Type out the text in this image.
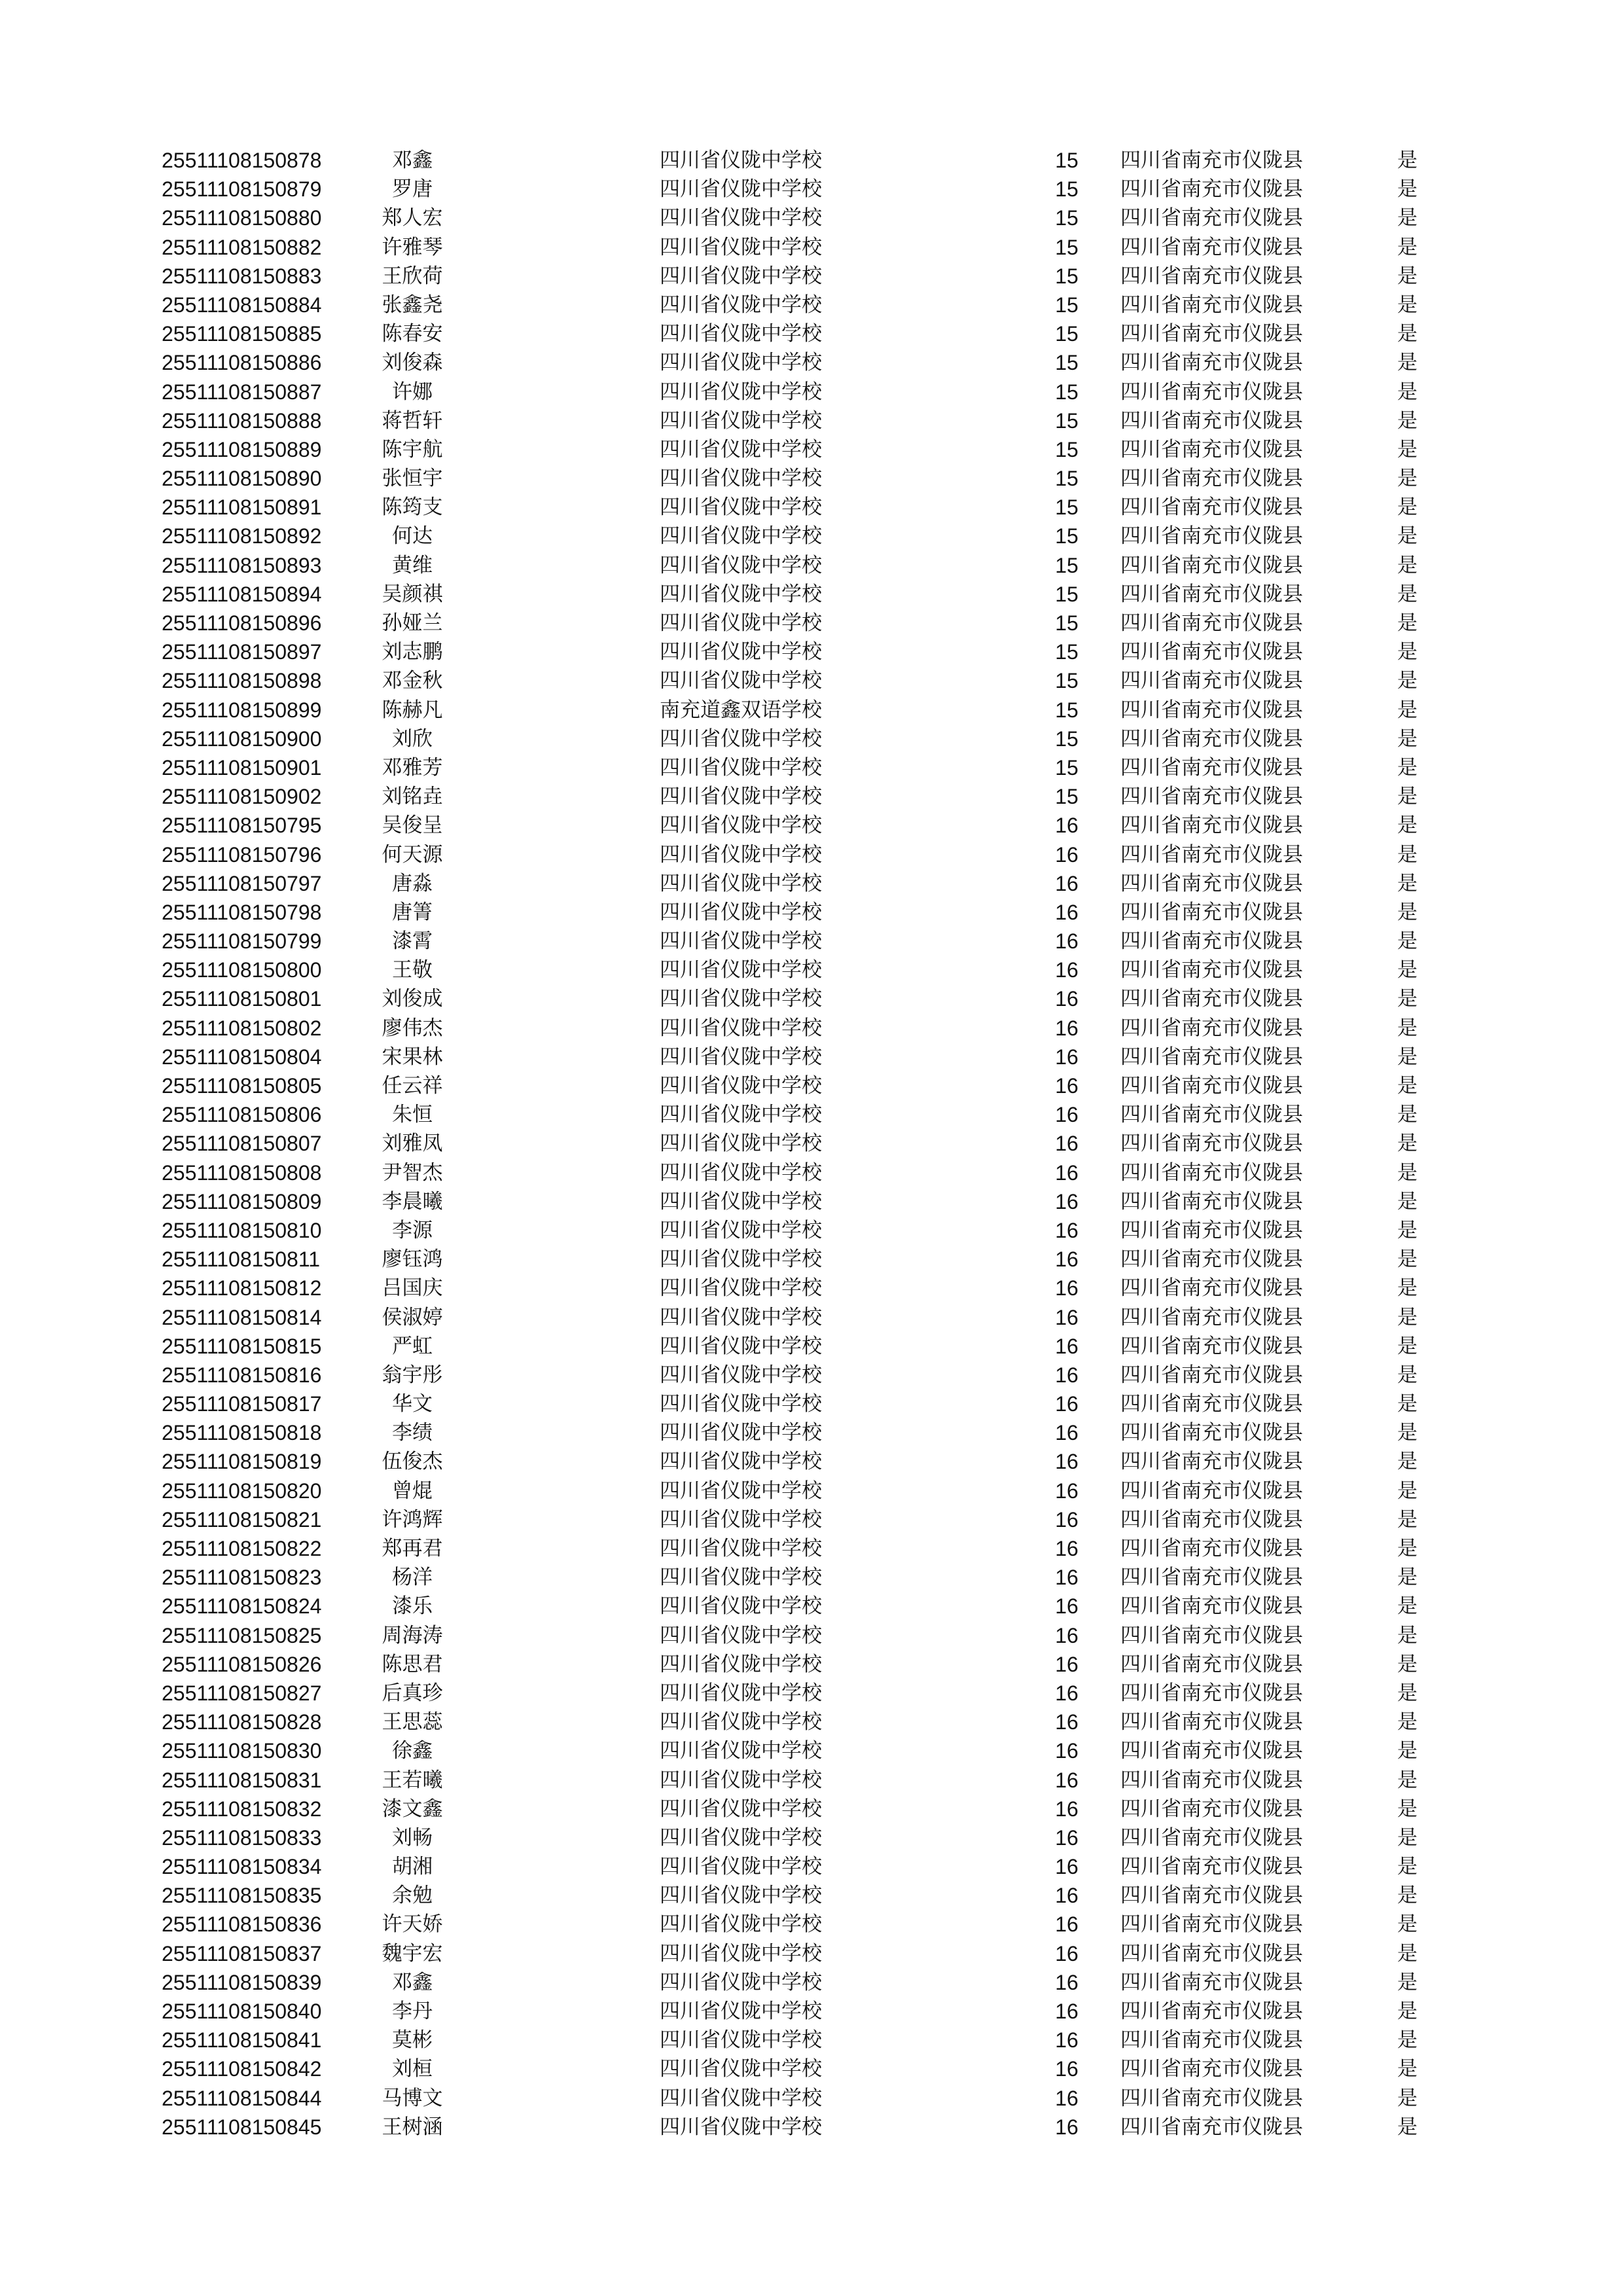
25511108150878	邓鑫	四川省仪陇中学校	15	四川省南充市仪陇县	是
25511108150879	罗唐	四川省仪陇中学校	15	四川省南充市仪陇县	是
25511108150880	郑人宏	四川省仪陇中学校	15	四川省南充市仪陇县	是
25511108150882	许雅琴	四川省仪陇中学校	15	四川省南充市仪陇县	是
25511108150883	王欣荷	四川省仪陇中学校	15	四川省南充市仪陇县	是
25511108150884	张鑫尧	四川省仪陇中学校	15	四川省南充市仪陇县	是
25511108150885	陈春安	四川省仪陇中学校	15	四川省南充市仪陇县	是
25511108150886	刘俊森	四川省仪陇中学校	15	四川省南充市仪陇县	是
25511108150887	许娜	四川省仪陇中学校	15	四川省南充市仪陇县	是
25511108150888	蒋哲轩	四川省仪陇中学校	15	四川省南充市仪陇县	是
25511108150889	陈宇航	四川省仪陇中学校	15	四川省南充市仪陇县	是
25511108150890	张恒宇	四川省仪陇中学校	15	四川省南充市仪陇县	是
25511108150891	陈筠支	四川省仪陇中学校	15	四川省南充市仪陇县	是
25511108150892	何达	四川省仪陇中学校	15	四川省南充市仪陇县	是
25511108150893	黄维	四川省仪陇中学校	15	四川省南充市仪陇县	是
25511108150894	吴颜祺	四川省仪陇中学校	15	四川省南充市仪陇县	是
25511108150896	孙娅兰	四川省仪陇中学校	15	四川省南充市仪陇县	是
25511108150897	刘志鹏	四川省仪陇中学校	15	四川省南充市仪陇县	是
25511108150898	邓金秋	四川省仪陇中学校	15	四川省南充市仪陇县	是
25511108150899	陈赫凡	南充道鑫双语学校	15	四川省南充市仪陇县	是
25511108150900	刘欣	四川省仪陇中学校	15	四川省南充市仪陇县	是
25511108150901	邓雅芳	四川省仪陇中学校	15	四川省南充市仪陇县	是
25511108150902	刘铭垚	四川省仪陇中学校	15	四川省南充市仪陇县	是
25511108150795	吴俊呈	四川省仪陇中学校	16	四川省南充市仪陇县	是
25511108150796	何天源	四川省仪陇中学校	16	四川省南充市仪陇县	是
25511108150797	唐淼	四川省仪陇中学校	16	四川省南充市仪陇县	是
25511108150798	唐箐	四川省仪陇中学校	16	四川省南充市仪陇县	是
25511108150799	漆霄	四川省仪陇中学校	16	四川省南充市仪陇县	是
25511108150800	王敬	四川省仪陇中学校	16	四川省南充市仪陇县	是
25511108150801	刘俊成	四川省仪陇中学校	16	四川省南充市仪陇县	是
25511108150802	廖伟杰	四川省仪陇中学校	16	四川省南充市仪陇县	是
25511108150804	宋果林	四川省仪陇中学校	16	四川省南充市仪陇县	是
25511108150805	任云祥	四川省仪陇中学校	16	四川省南充市仪陇县	是
25511108150806	朱恒	四川省仪陇中学校	16	四川省南充市仪陇县	是
25511108150807	刘雅凤	四川省仪陇中学校	16	四川省南充市仪陇县	是
25511108150808	尹智杰	四川省仪陇中学校	16	四川省南充市仪陇县	是
25511108150809	李晨曦	四川省仪陇中学校	16	四川省南充市仪陇县	是
25511108150810	李源	四川省仪陇中学校	16	四川省南充市仪陇县	是
25511108150811	廖钰鸿	四川省仪陇中学校	16	四川省南充市仪陇县	是
25511108150812	吕国庆	四川省仪陇中学校	16	四川省南充市仪陇县	是
25511108150814	侯淑婷	四川省仪陇中学校	16	四川省南充市仪陇县	是
25511108150815	严虹	四川省仪陇中学校	16	四川省南充市仪陇县	是
25511108150816	翁宇彤	四川省仪陇中学校	16	四川省南充市仪陇县	是
25511108150817	华文	四川省仪陇中学校	16	四川省南充市仪陇县	是
25511108150818	李绩	四川省仪陇中学校	16	四川省南充市仪陇县	是
25511108150819	伍俊杰	四川省仪陇中学校	16	四川省南充市仪陇县	是
25511108150820	曾焜	四川省仪陇中学校	16	四川省南充市仪陇县	是
25511108150821	许鸿辉	四川省仪陇中学校	16	四川省南充市仪陇县	是
25511108150822	郑再君	四川省仪陇中学校	16	四川省南充市仪陇县	是
25511108150823	杨洋	四川省仪陇中学校	16	四川省南充市仪陇县	是
25511108150824	漆乐	四川省仪陇中学校	16	四川省南充市仪陇县	是
25511108150825	周海涛	四川省仪陇中学校	16	四川省南充市仪陇县	是
25511108150826	陈思君	四川省仪陇中学校	16	四川省南充市仪陇县	是
25511108150827	后真珍	四川省仪陇中学校	16	四川省南充市仪陇县	是
25511108150828	王思蕊	四川省仪陇中学校	16	四川省南充市仪陇县	是
25511108150830	徐鑫	四川省仪陇中学校	16	四川省南充市仪陇县	是
25511108150831	王若曦	四川省仪陇中学校	16	四川省南充市仪陇县	是
25511108150832	漆文鑫	四川省仪陇中学校	16	四川省南充市仪陇县	是
25511108150833	刘畅	四川省仪陇中学校	16	四川省南充市仪陇县	是
25511108150834	胡湘	四川省仪陇中学校	16	四川省南充市仪陇县	是
25511108150835	余勉	四川省仪陇中学校	16	四川省南充市仪陇县	是
25511108150836	许天娇	四川省仪陇中学校	16	四川省南充市仪陇县	是
25511108150837	魏宇宏	四川省仪陇中学校	16	四川省南充市仪陇县	是
25511108150839	邓鑫	四川省仪陇中学校	16	四川省南充市仪陇县	是
25511108150840	李丹	四川省仪陇中学校	16	四川省南充市仪陇县	是
25511108150841	莫彬	四川省仪陇中学校	16	四川省南充市仪陇县	是
25511108150842	刘桓	四川省仪陇中学校	16	四川省南充市仪陇县	是
25511108150844	马博文	四川省仪陇中学校	16	四川省南充市仪陇县	是
25511108150845	王树涵	四川省仪陇中学校	16	四川省南充市仪陇县	是
